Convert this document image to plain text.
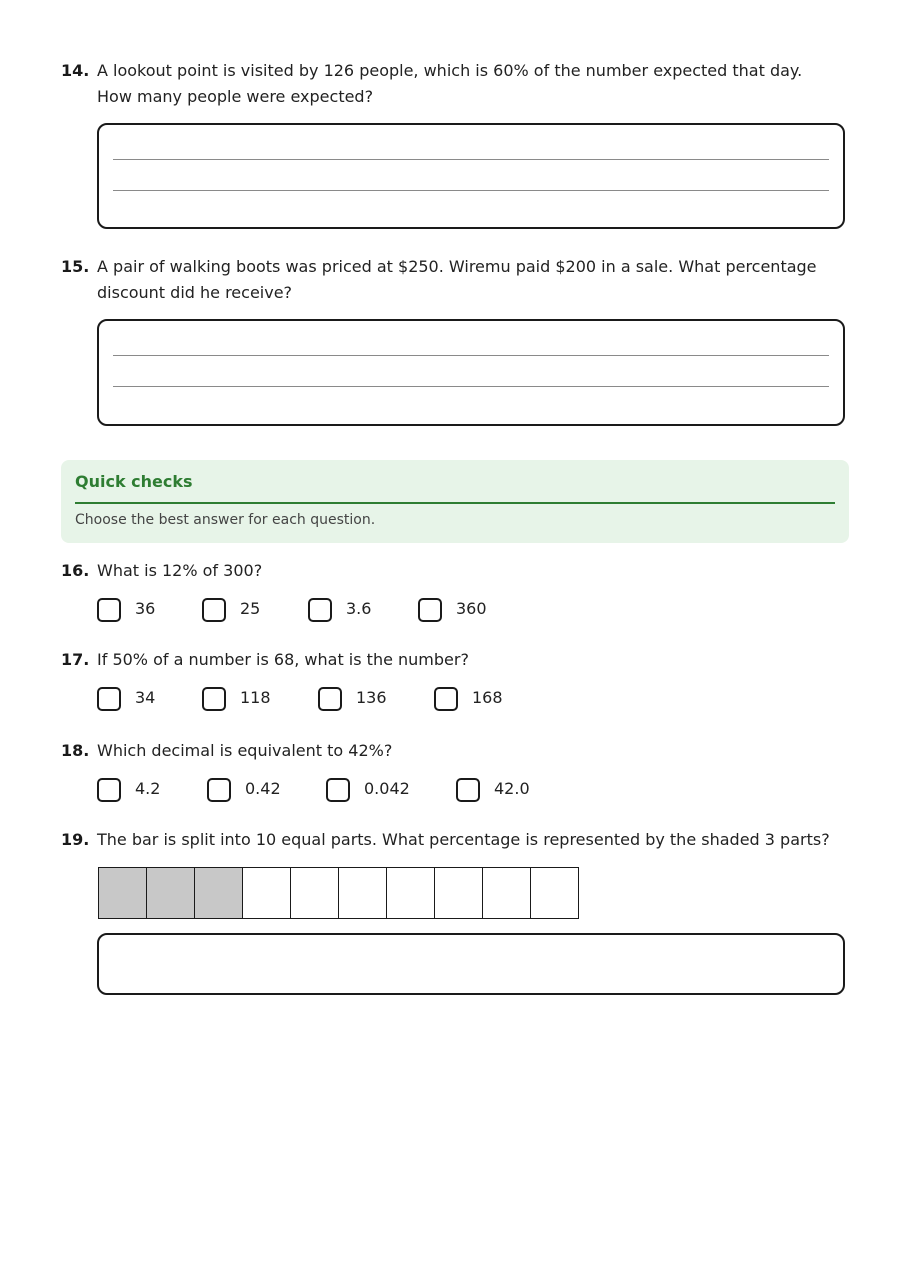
14. A lookout point is visited by 126 people, which is 60% of the number expected that day. How many people were expected?
15. A pair of walking boots was priced at $250. Wiremu paid $200 in a sale. What percentage discount did he receive?
Quick checks
Choose the best answer for each question.
16. What is 12% of 300?
36	25	3.6	360
17. If 50% of a number is 68, what is the number?
34	118	136	168
18. Which decimal is equivalent to 42%?
4.2	0.42	0.042	42.0
19. The bar is split into 10 equal parts. What percentage is represented by the shaded 3 parts?
